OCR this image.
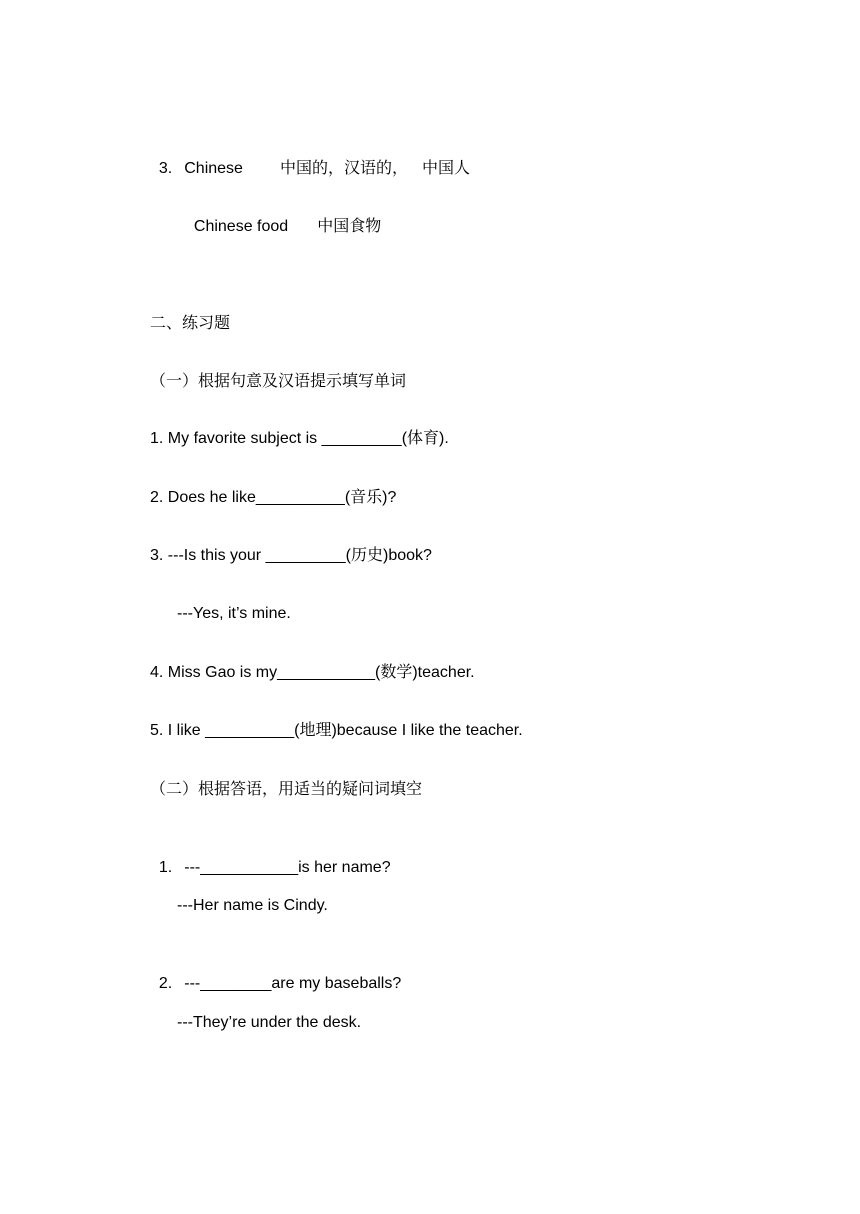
3. Chinese 中国的，汉语的， 中国人

Chinese food 中国食物

二、练习题
（一）根据句意及汉语提示填写单词
1. My favorite subject is _________(体育).
2. Does he like__________(音乐)?
3. ---Is this your _________(历史)book?
---Yes, it’s mine.
4. Miss Gao is my___________(数学)teacher.
5. I like __________(地理)because I like the teacher.
（二）根据答语，用适当的疑问词填空

1. ---___________is her name?

---Her name is Cindy.

2. ---________are my baseballs?

---They’re under the desk.
